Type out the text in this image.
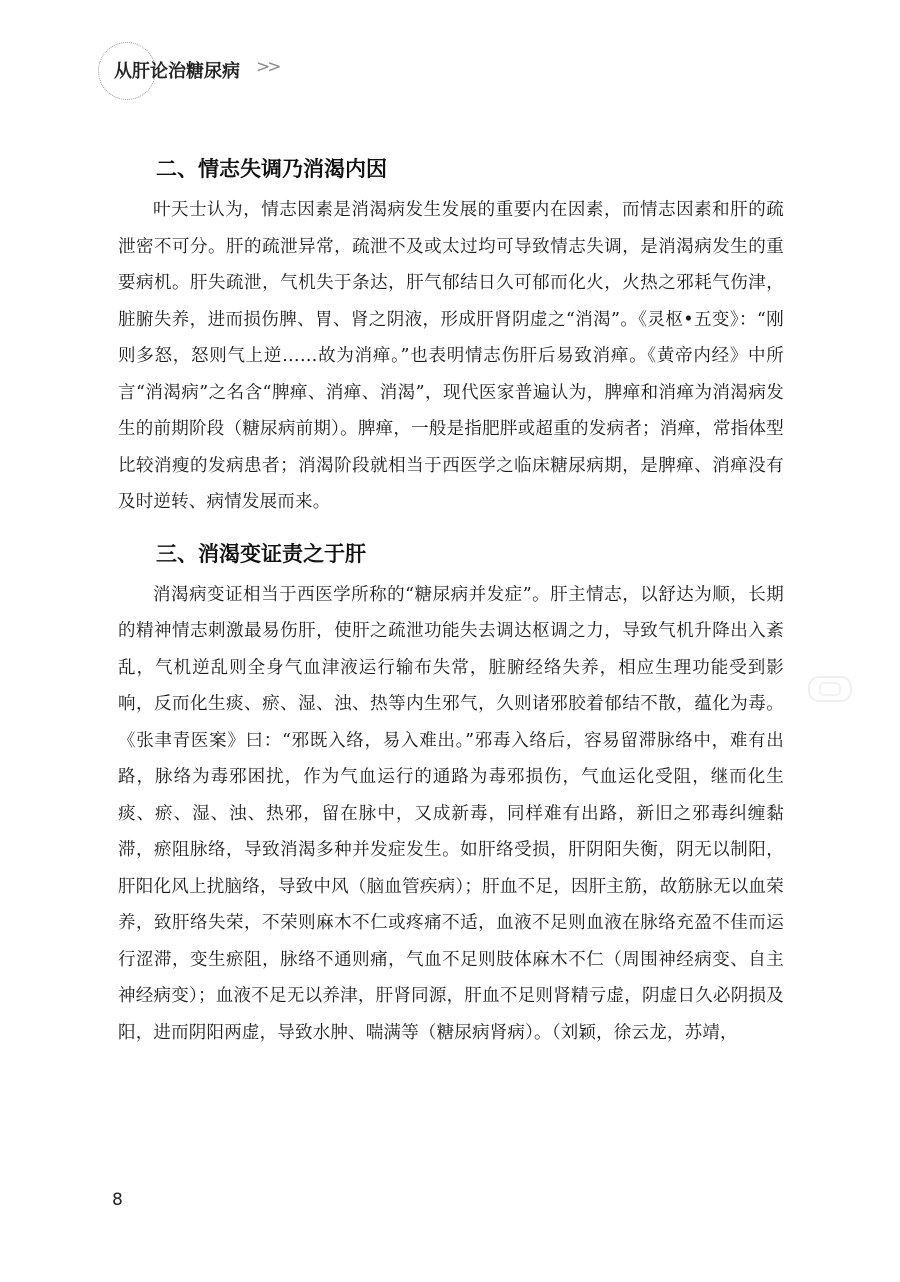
从肝论治糖尿病 >>
二、情志失调乃消渴内因

叶天士认为，情志因素是消渴病发生发展的重要内在因素，而情志因素和肝的疏泄密不可分。肝的疏泄异常，疏泄不及或太过均可导致情志失调，是消渴病发生的重要病机。肝失疏泄，气机失于条达，肝气郁结日久可郁而化火，火热之邪耗气伤津，脏腑失养，进而损伤脾、胃、肾之阴液，形成肝肾阴虚之“消渴”。《灵枢•五变》：“刚则多怒，怒则气上逆……故为消瘅。”也表明情志伤肝后易致消瘅。《黄帝内经》中所言“消渴病”之名含“脾瘅、消瘅、消渴”，现代医家普遍认为，脾瘅和消瘅为消渴病发生的前期阶段（糖尿病前期）。脾瘅，一般是指肥胖或超重的发病者；消瘅，常指体型比较消瘦的发病患者；消渴阶段就相当于西医学之临床糖尿病期，是脾瘅、消瘅没有及时逆转、病情发展而来。

三、消渴变证责之于肝

消渴病变证相当于西医学所称的“糖尿病并发症”。肝主情志，以舒达为顺，长期的精神情志刺激最易伤肝，使肝之疏泄功能失去调达枢调之力，导致气机升降出入紊乱，气机逆乱则全身气血津液运行输布失常，脏腑经络失养，相应生理功能受到影响，反而化生痰、瘀、湿、浊、热等内生邪气，久则诸邪胶着郁结不散，蕴化为毒。《张聿青医案》曰：“邪既入络，易入难出。”邪毒入络后，容易留滞脉络中，难有出路，脉络为毒邪困扰，作为气血运行的通路为毒邪损伤，气血运化受阻，继而化生痰、瘀、湿、浊、热邪，留在脉中，又成新毒，同样难有出路，新旧之邪毒纠缠黏滞，瘀阻脉络，导致消渴多种并发症发生。如肝络受损，肝阴阳失衡，阴无以制阳，肝阳化风上扰脑络，导致中风（脑血管疾病）；肝血不足，因肝主筋，故筋脉无以血荣养，致肝络失荣，不荣则麻木不仁或疼痛不适，血液不足则血液在脉络充盈不佳而运行涩滞，变生瘀阻，脉络不通则痛，气血不足则肢体麻木不仁（周围神经病变、自主神经病变）；血液不足无以养津，肝肾同源，肝血不足则肾精亏虚，阴虚日久必阴损及阳，进而阴阳两虚，导致水肿、喘满等（糖尿病肾病）。（刘颖，徐云龙，苏靖，

8
